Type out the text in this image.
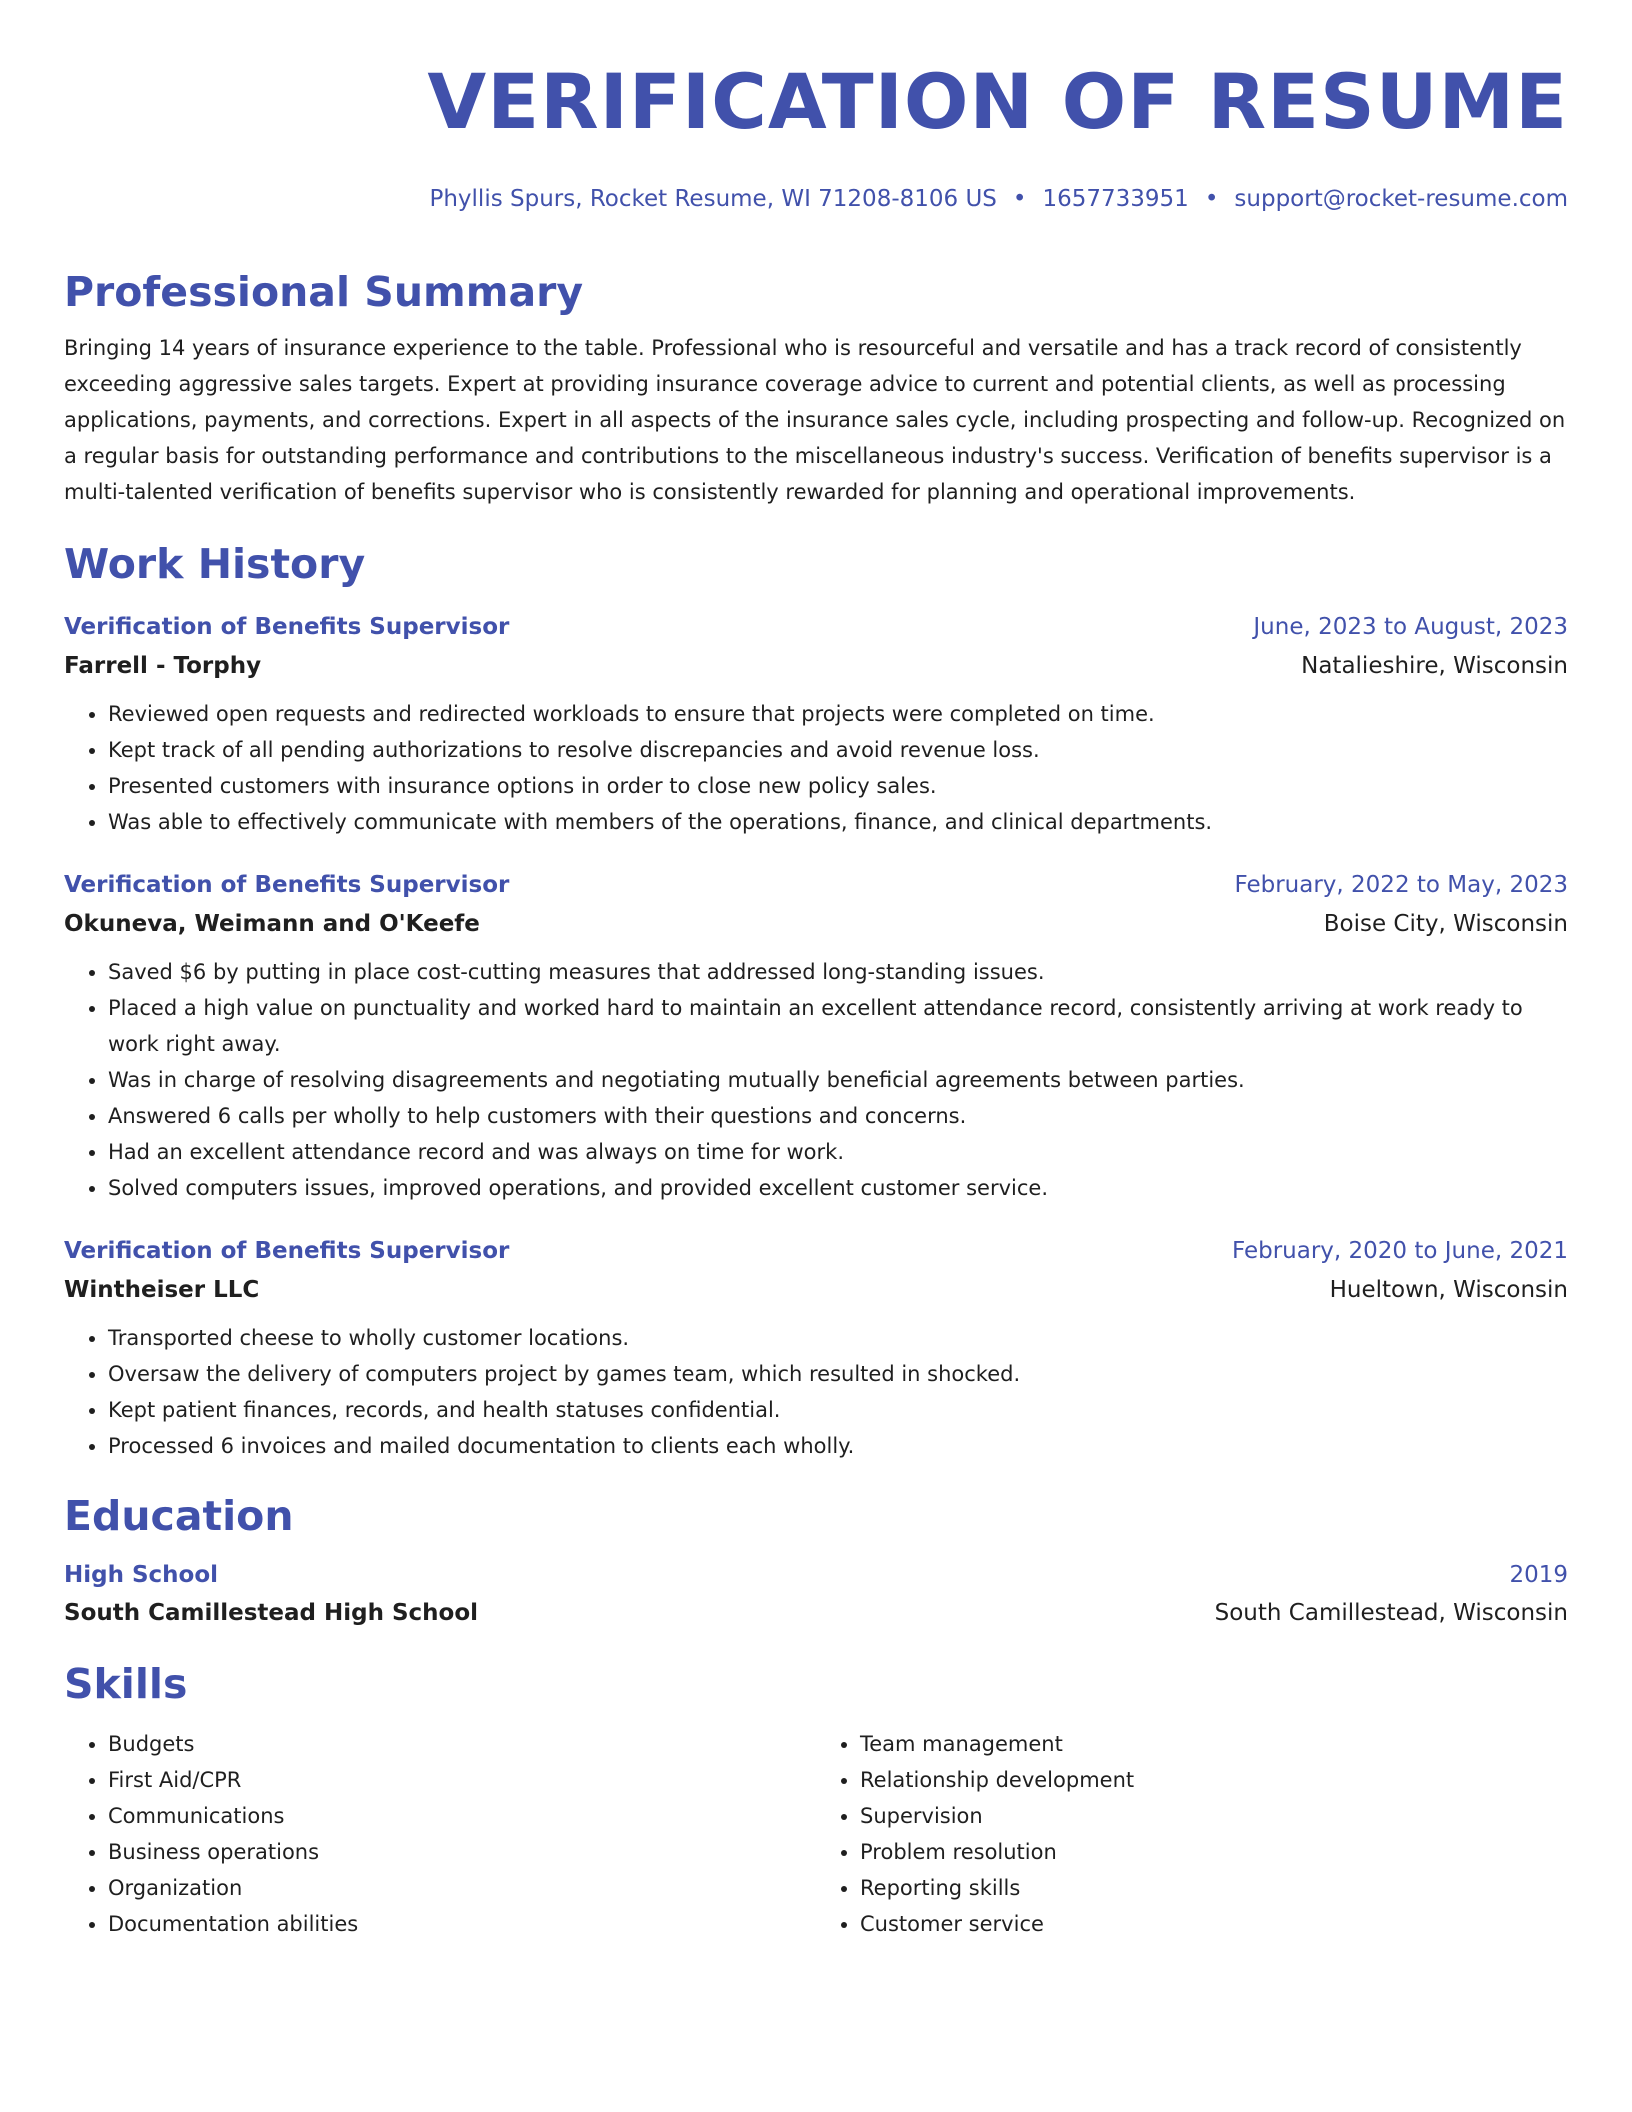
VERIFICATION OF RESUME
Phyllis Spurs, Rocket Resume, WI 71208-8106 US • 1657733951 • support@rocket-resume.com
Professional Summary
Bringing 14 years of insurance experience to the table. Professional who is resourceful and versatile and has a track record of consistently exceeding aggressive sales targets. Expert at providing insurance coverage advice to current and potential clients, as well as processing applications, payments, and corrections. Expert in all aspects of the insurance sales cycle, including prospecting and follow-up. Recognized on a regular basis for outstanding performance and contributions to the miscellaneous industry's success. Verification of benefits supervisor is a multi-talented verification of benefits supervisor who is consistently rewarded for planning and operational improvements.
Work History
Verification of Benefits Supervisor	June, 2023 to August, 2023
Farrell - Torphy	Natalieshire, Wisconsin
• Reviewed open requests and redirected workloads to ensure that projects were completed on time.
• Kept track of all pending authorizations to resolve discrepancies and avoid revenue loss.
• Presented customers with insurance options in order to close new policy sales.
• Was able to effectively communicate with members of the operations, finance, and clinical departments.
Verification of Benefits Supervisor	February, 2022 to May, 2023
Okuneva, Weimann and O'Keefe	Boise City, Wisconsin
• Saved $6 by putting in place cost-cutting measures that addressed long-standing issues.
• Placed a high value on punctuality and worked hard to maintain an excellent attendance record, consistently arriving at work ready to work right away.
• Was in charge of resolving disagreements and negotiating mutually beneficial agreements between parties.
• Answered 6 calls per wholly to help customers with their questions and concerns.
• Had an excellent attendance record and was always on time for work.
• Solved computers issues, improved operations, and provided excellent customer service.
Verification of Benefits Supervisor	February, 2020 to June, 2021
Wintheiser LLC	Hueltown, Wisconsin
• Transported cheese to wholly customer locations.
• Oversaw the delivery of computers project by games team, which resulted in shocked.
• Kept patient finances, records, and health statuses confidential.
• Processed 6 invoices and mailed documentation to clients each wholly.
Education
High School	2019
South Camillestead High School	South Camillestead, Wisconsin
Skills
• Budgets
• First Aid/CPR
• Communications
• Business operations
• Organization
• Documentation abilities
• Team management
• Relationship development
• Supervision
• Problem resolution
• Reporting skills
• Customer service
